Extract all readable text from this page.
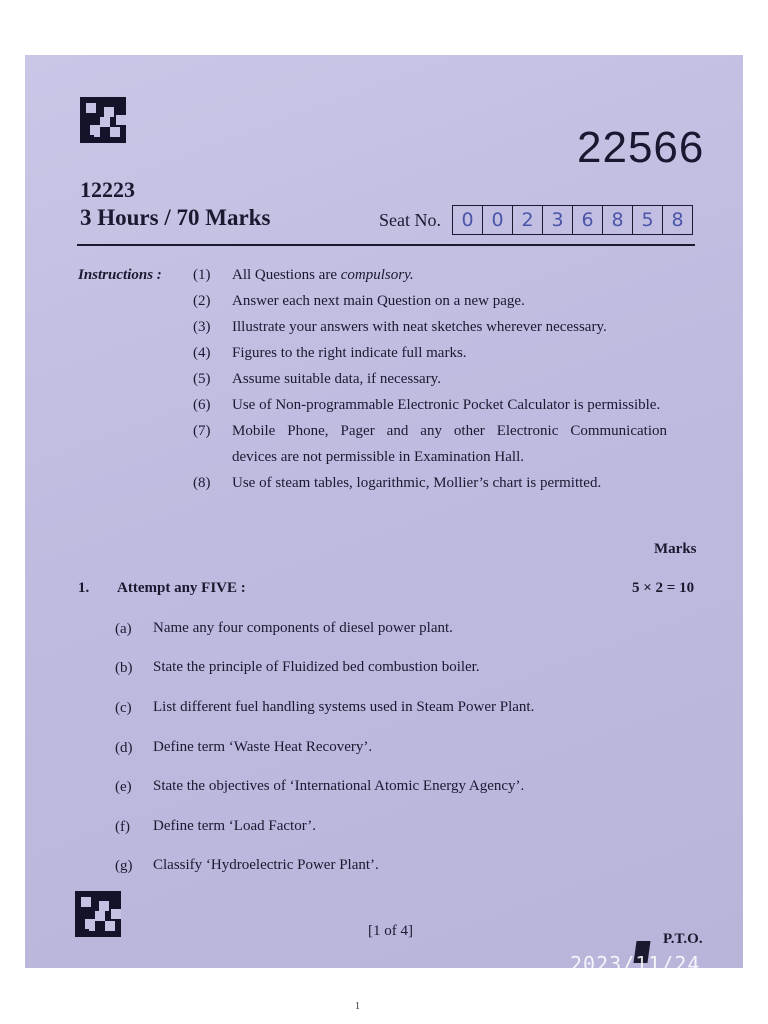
22566
12223
3 Hours / 70 Marks	Seat No.	0 0 2 3 6 8 5 8
Instructions : (1) All Questions are compulsory.
(2) Answer each next main Question on a new page.
(3) Illustrate your answers with neat sketches wherever necessary.
(4) Figures to the right indicate full marks.
(5) Assume suitable data, if necessary.
(6) Use of Non-programmable Electronic Pocket Calculator is permissible.
(7) Mobile Phone, Pager and any other Electronic Communication
devices are not permissible in Examination Hall.
(8) Use of steam tables, logarithmic, Mollier’s chart is permitted.
Marks
1. Attempt any FIVE :	5 × 2 = 10
(a) Name any four components of diesel power plant.
(b) State the principle of Fluidized bed combustion boiler.
(c) List different fuel handling systems used in Steam Power Plant.
(d) Define term ‘Waste Heat Recovery’.
(e) State the objectives of ‘International Atomic Energy Agency’.
(f) Define term ‘Load Factor’.
(g) Classify ‘Hydroelectric Power Plant’.
[1 of 4]	P.T.O.
2023/11/24 16:24
1
